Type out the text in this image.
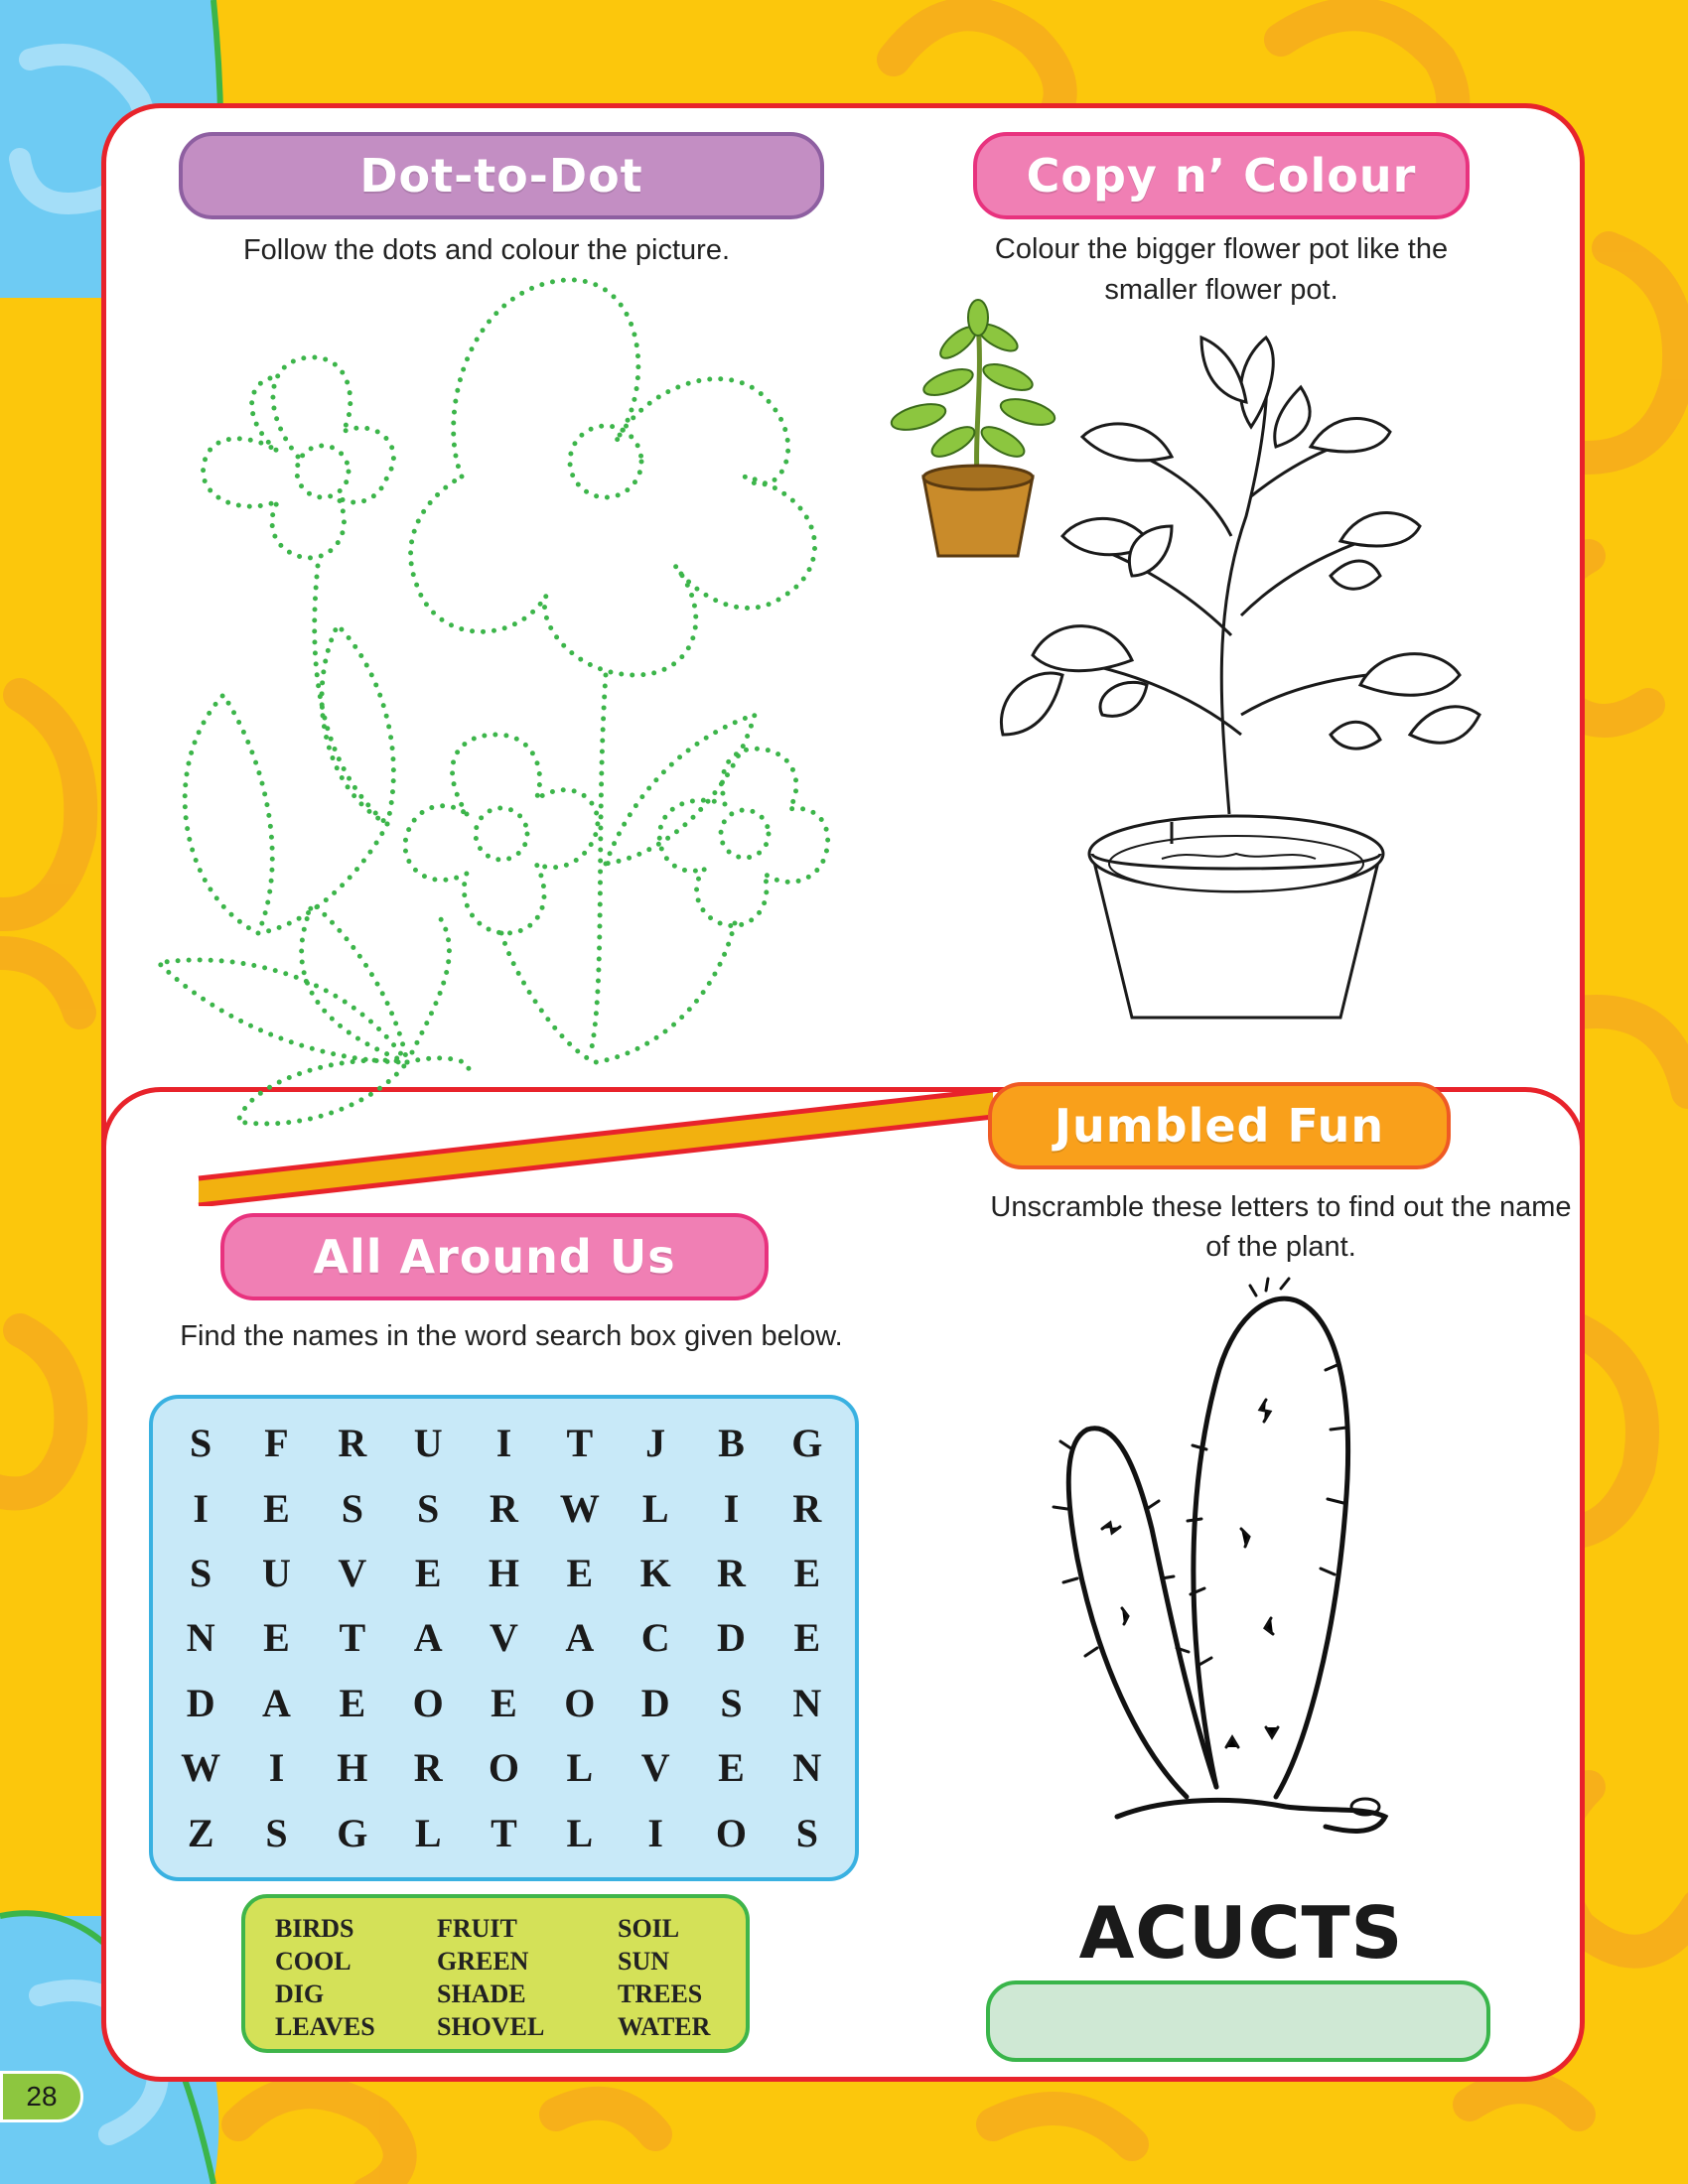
Dot-to-Dot	Copy n’ Colour
Jumbled Fun
All Around Us
Follow the dots and colour the picture.	Colour the bigger flower pot like the
smaller flower pot.
Unscramble these letters to find out the name
of the plant.
Find the names in the word search box given below.
ACUCTS
S	F	R	U	I	T	J	B	G
I	E	S	S	R	W	L	I	R
S	U	V	E	H	E	K	R	E
N	E	T	A	V	A	C	D	E
D	A	E	O	E	O	D	S	N
W	I	H	R	O	L	V	E	N
Z	S	G	L	T	L	I	O	S
BIRDS	FRUIT	SOIL
COOL	GREEN	SUN
DIG	SHADE	TREES
LEAVES	SHOVEL	WATER
28
